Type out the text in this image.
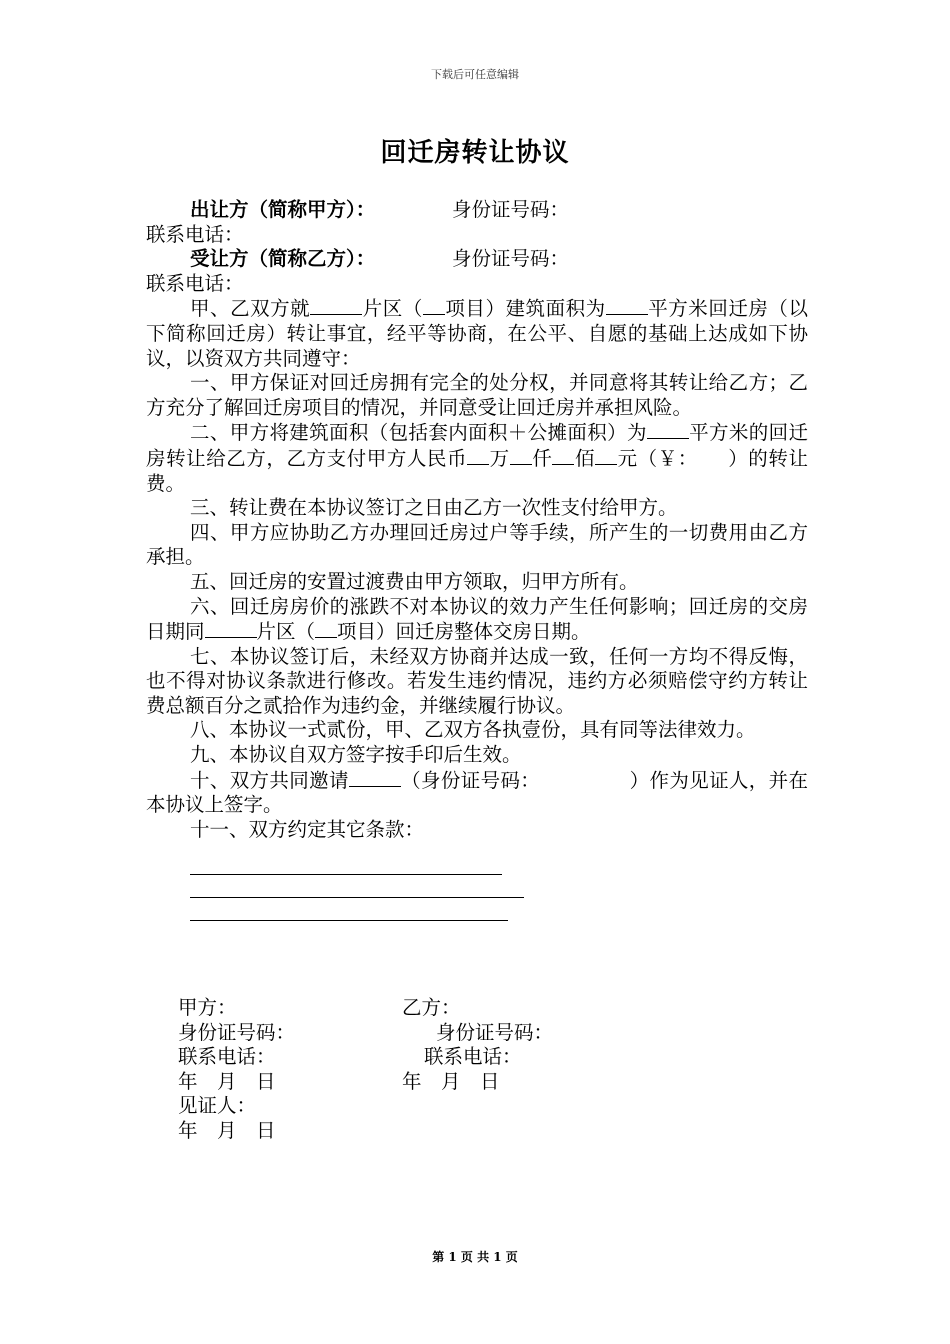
下载后可任意编辑
回迁房转让协议
出让方（简称甲方）：	身份证号码：

联系电话：

受让方（简称乙方）：	身份证号码：

联系电话：

甲、乙双方就	片区（ 项目）建筑面积为 平方米回迁房（以下简称回迁房）转让事宜，经平等协商，在公平、自愿的基础上达成如下协议，以资双方共同遵守：

一、甲方保证对回迁房拥有完全的处分权，并同意将其转让给乙方；乙方充分了解回迁房项目的情况，并同意受让回迁房并承担风险。

二、甲方将建筑面积（包括套内面积＋公摊面积）为 平方米的回迁房转让给乙方，乙方支付甲方人民币 万 仟 佰 元（￥：　　）的转让费。

三、转让费在本协议签订之日由乙方一次性支付给甲方。

四、甲方应协助乙方办理回迁房过户等手续，所产生的一切费用由乙方承担。

五、回迁房的安置过渡费由甲方领取，归甲方所有。

六、回迁房房价的涨跌不对本协议的效力产生任何影响；回迁房的交房日期同	片区（ 项目）回迁房整体交房日期。

七、本协议签订后，未经双方协商并达成一致，任何一方均不得反悔，也不得对协议条款进行修改。若发生违约情况，违约方必须赔偿守约方转让费总额百分之贰拾作为违约金，并继续履行协议。

八、本协议一式贰份，甲、乙双方各执壹份，具有同等法律效力。

九、本协议自双方签字按手印后生效。

十、双方共同邀请	（身份证号码：　　　　　）作为见证人，并在本协议上签字。

十一、双方约定其它条款：

甲方：	乙方：
身份证号码：	身份证号码：
联系电话：	联系电话：
年　月　日	年　月　日
见证人：
年　月　日
第 1 页 共 1 页
